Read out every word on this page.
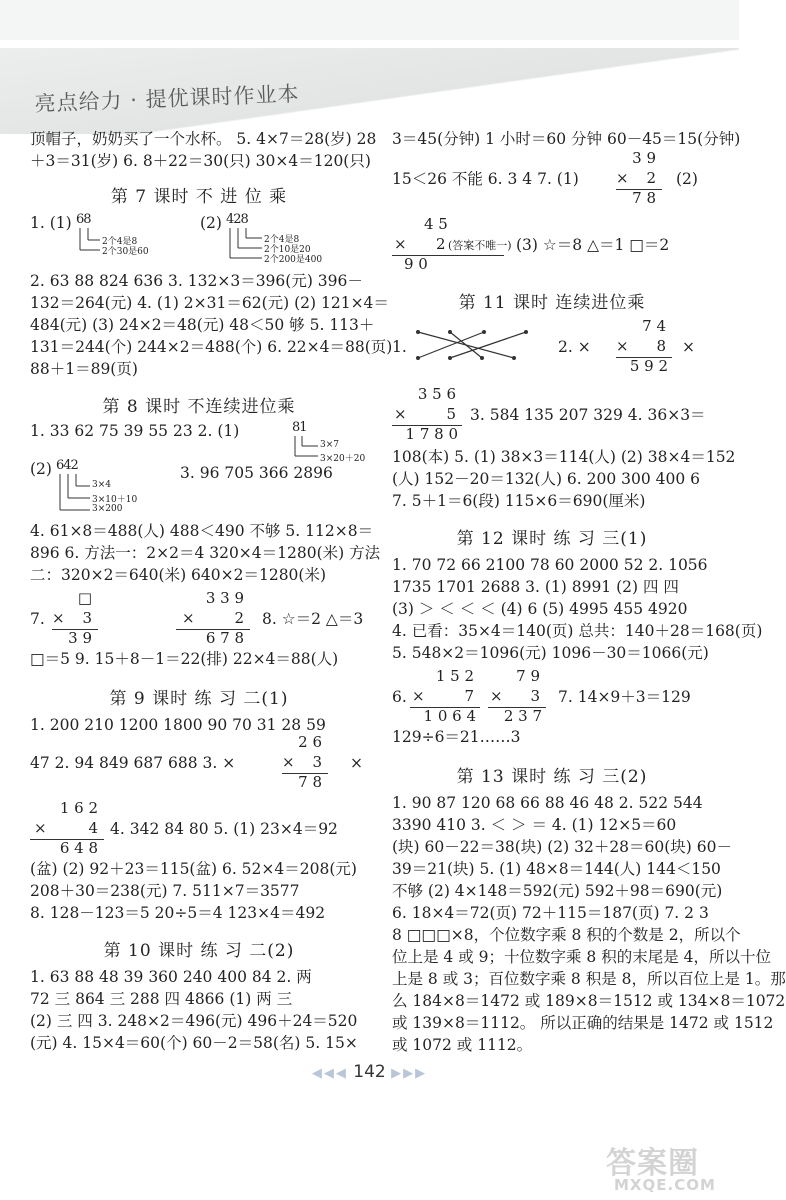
亮点给力 · 提优课时作业本
顶帽子，奶奶买了一个水杯。 5. 4×7＝28(岁) 28
＋3＝31(岁) 6. 8＋22＝30(只) 30×4＝120(只)
第 7 课时 不 进 位 乘
1. (1) 68
2个4是8
2个30是60
(2) 428
2个4是8
2个10是20
2个200是400
2. 63 88 824 636 3. 132×3＝396(元) 396－
132＝264(元) 4. (1) 2×31＝62(元) (2) 121×4＝
484(元) (3) 24×2＝48(元) 48＜50 够 5. 113＋
131＝244(个) 244×2＝488(个) 6. 22×4＝88(页)
88＋1＝89(页)
第 8 课时 不连续进位乘
1. 33 62 75 39 55 23 2. (1)	81
3×7
3×20＋20
(2) 642
3×4
3×10＋10
3×200
3. 96 705 366 2896
4. 61×8＝488(人) 488＜490 不够 5. 112×8＝
896 6. 方法一：2×2＝4 320×4＝1280(米) 方法
二：320×2＝640(米) 640×2＝1280(米)
7.
□
× 3
3 9
3 3 9
×	2
6 7 8
8. ☆＝2 △＝3
□＝5 9. 15＋8－1＝22(排) 22×4＝88(人)
第 9 课时 练 习 二(1)
1. 200 210 1200 1800 90 70 31 28 59
47 2. 94 849 687 688 3. ×
2 6
× 3
7 8
×
1 6 2
×	4
6 4 8
4. 342 84 80 5. (1) 23×4＝92
(盆) (2) 92＋23＝115(盆) 6. 52×4＝208(元)
208＋30＝238(元) 7. 511×7＝3577
8. 128－123＝5 20÷5＝4 123×4＝492
第 10 课时 练 习 二(2)
1. 63 88 48 39 360 240 400 84 2. 两
72 三 864 三 288 四 4866 (1) 两 三
(2) 三 四 3. 248×2＝496(元) 496＋24＝520
(元) 4. 15×4＝60(个) 60－2＝58(名) 5. 15×
3＝45(分钟) 1 小时＝60 分钟 60－45＝15(分钟)
15＜26 不能 6. 3 4 7. (1)
3 9
× 2
7 8
(2)
4 5
× 2 (答案不唯一)
9 0
(3) ☆＝8 △＝1 □＝2
第 11 课时 连续进位乘
1.	2. ×
7 4
× 8
5 9 2
×
3 5 6
×	5
1 7 8 0
3. 584 135 207 329 4. 36×3＝
108(本) 5. (1) 38×3＝114(人) (2) 38×4＝152
(人) 152－20＝132(人) 6. 200 300 400 6
7. 5＋1＝6(段) 115×6＝690(厘米)
第 12 课时 练 习 三(1)
1. 70 72 66 2100 78 60 2000 52 2. 1056
1735 1701 2688 3. (1) 8991 (2) 四 四
(3) ＞ ＜ ＜ ＜ (4) 6 (5) 4995 455 4920
4. 已看：35×4＝140(页) 总共：140＋28＝168(页)
5. 548×2＝1096(元) 1096－30＝1066(元)
6.
1 5 2
×	7
1 0 6 4
7 9
× 3
2 3 7
7. 14×9＋3＝129
129÷6＝21……3
第 13 课时 练 习 三(2)
1. 90 87 120 68 66 88 46 48 2. 522 544
3390 410 3. ＜ ＞ ＝ 4. (1) 12×5＝60
(块) 60－22＝38(块) (2) 32＋28＝60(块) 60－
39＝21(块) 5. (1) 48×8＝144(人) 144＜150
不够 (2) 4×148＝592(元) 592＋98＝690(元)
6. 18×4＝72(页) 72＋115＝187(页) 7. 2 3
8 □□□×8，个位数字乘 8 积的个数是 2，所以个
位上是 4 或 9；十位数字乘 8 积的末尾是 4，所以十位
上是 8 或 3；百位数字乘 8 积是 8，所以百位上是 1。那
么 184×8＝1472 或 189×8＝1512 或 134×8＝1072
或 139×8＝1112。 所以正确的结果是 1472 或 1512
或 1072 或 1112。
◀◀◀ 142 ▶▶▶
答案圈
MXQE.COM
